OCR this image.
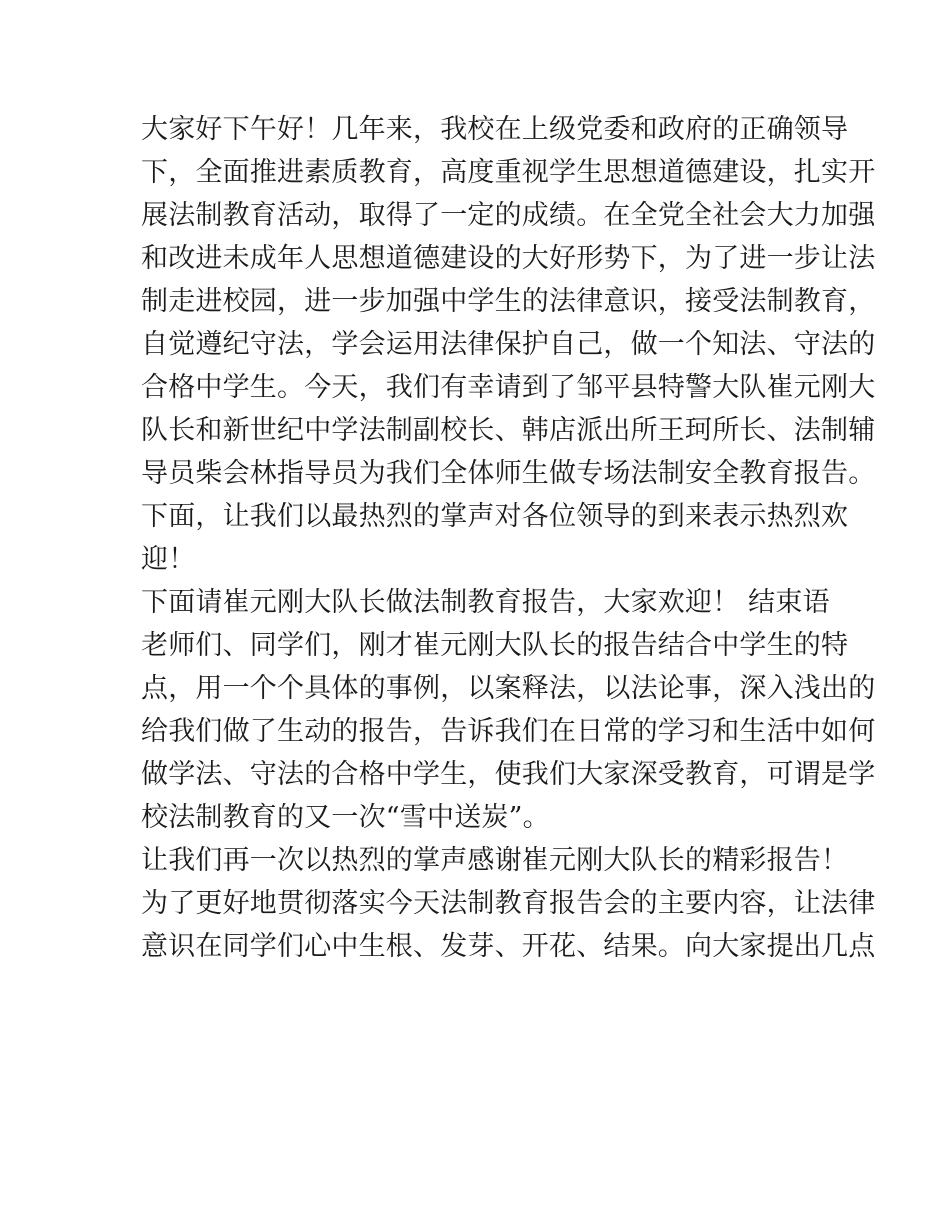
大家好下午好！几年来，我校在上级党委和政府的正确领导
下，全面推进素质教育，高度重视学生思想道德建设，扎实开
展法制教育活动，取得了一定的成绩。在全党全社会大力加强
和改进未成年人思想道德建设的大好形势下，为了进一步让法
制走进校园，进一步加强中学生的法律意识，接受法制教育，
自觉遵纪守法，学会运用法律保护自己，做一个知法、守法的
合格中学生。今天，我们有幸请到了邹平县特警大队崔元刚大
队长和新世纪中学法制副校长、韩店派出所王珂所长、法制辅
导员柴会林指导员为我们全体师生做专场法制安全教育报告。
下面，让我们以最热烈的掌声对各位领导的到来表示热烈欢
迎！
下面请崔元刚大队长做法制教育报告，大家欢迎！ 结束语
老师们、同学们，刚才崔元刚大队长的报告结合中学生的特
点，用一个个具体的事例，以案释法，以法论事，深入浅出的
给我们做了生动的报告，告诉我们在日常的学习和生活中如何
做学法、守法的合格中学生，使我们大家深受教育，可谓是学
校法制教育的又一次“雪中送炭”。
让我们再一次以热烈的掌声感谢崔元刚大队长的精彩报告！
为了更好地贯彻落实今天法制教育报告会的主要内容，让法律
意识在同学们心中生根、发芽、开花、结果。向大家提出几点
